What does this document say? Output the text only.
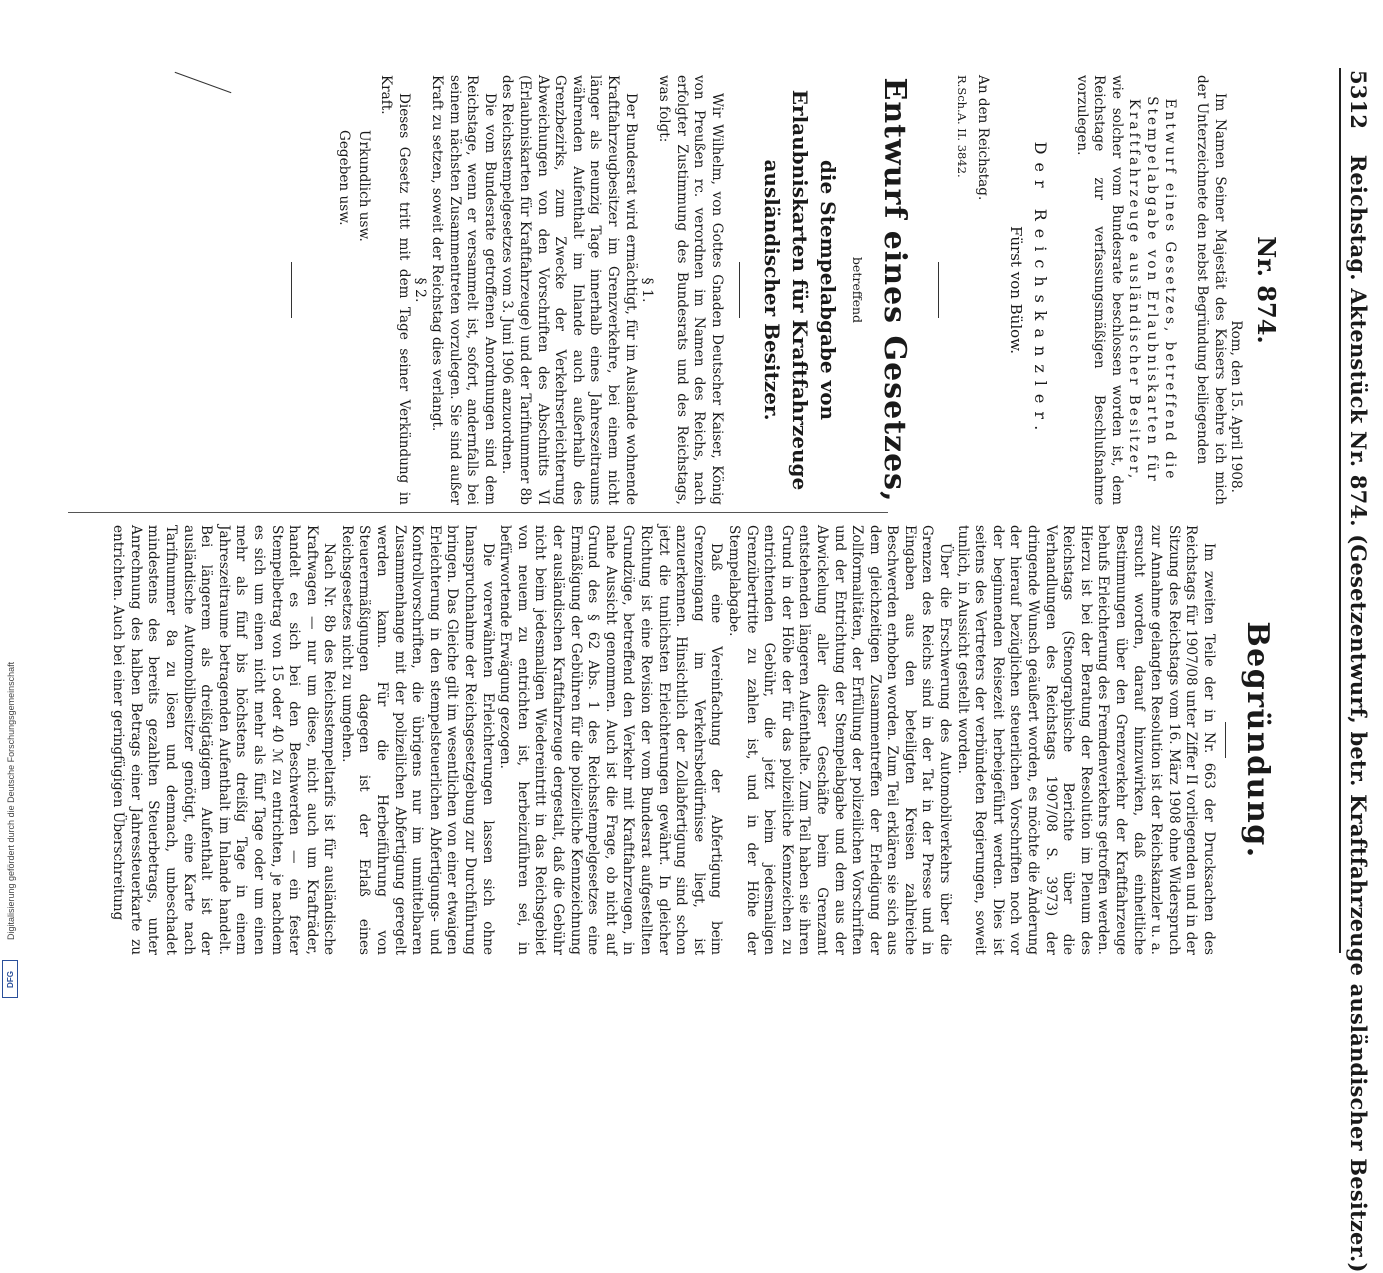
5312 Reichstag. Aktenstück Nr. 874. (Gesetzentwurf, betr. Kraftfahrzeuge ausländischer Besitzer.)
Nr. 874.
Rom, den 15. April 1908.

Im Namen Seiner Majestät des Kaisers beehre ich mich der Unterzeichnete den nebst Begründung beiliegenden

Entwurf eines Gesetzes, betreffend die Stempelabgabe von Erlaubniskarten für Kraftfahrzeuge ausländischer Besitzer,

wie solcher vom Bundesrate beschlossen worden ist, dem Reichstage zur verfassungsmäßigen Beschlußnahme vorzulegen.

Der Reichskanzler.
Fürst von Bülow.
An den Reichstag.
R.Sch.A. II. 3842.
Entwurf eines Gesetzes,
betreffend
die Stempelabgabe von Erlaubniskarten für Kraftfahrzeuge ausländischer Besitzer.

Wir Wilhelm, von Gottes Gnaden Deutscher Kaiser, König von Preußen rc. verordnen im Namen des Reichs, nach erfolgter Zustimmung des Bundesrats und des Reichstags, was folgt:

§ 1.

Der Bundesrat wird ermächtigt, für im Auslande wohnende Kraftfahrzeugbesitzer im Grenzverkehre, bei einem nicht länger als neunzig Tage innerhalb eines Jahreszeitraums währenden Aufenthalt im Inlande auch außerhalb des Grenzbezirks, zum Zwecke der Verkehrserleichterung Abweichungen von den Vorschriften des Abschnitts VI (Erlaubniskarten für Kraftfahrzeuge) und der Tarifnummer 8b des Reichsstempelgesetzes vom 3. Juni 1906 anzuordnen.

Die vom Bundesrate getroffenen Anordnungen sind dem Reichstage, wenn er versammelt ist, sofort, andernfalls bei seinem nächsten Zusammentreten vorzulegen. Sie sind außer Kraft zu setzen, soweit der Reichstag dies verlangt.

§ 2.

Dieses Gesetz tritt mit dem Tage seiner Verkündung in Kraft.

Urkundlich usw.
Gegeben usw.
Begründung.

Im zweiten Teile der in Nr. 663 der Drucksachen des Reichstags für 1907/08 unter Ziffer II vorliegenden und in der Sitzung des Reichstags vom 16. März 1908 ohne Widerspruch zur Annahme gelangten Resolution ist der Reichskanzler u. a. ersucht worden, darauf hinzuwirken, daß einheitliche Bestimmungen über den Grenzverkehr der Kraftfahrzeuge behufs Erleichterung des Fremdenverkehrs getroffen werden. Hierzu ist bei der Beratung der Resolution im Plenum des Reichstags (Stenographische Berichte über die Verhandlungen des Reichstags 1907/08 S. 3973) der dringende Wunsch geäußert worden, es möchte die Änderung der hierauf bezüglichen steuerlichen Vorschriften noch vor der beginnenden Reisezeit herbeigeführt werden. Dies ist seitens des Vertreters der verbündeten Regierungen, soweit tunlich, in Aussicht gestellt worden.

Über die Erschwerung des Automobilverkehrs über die Grenzen des Reichs sind in der Tat in der Presse und in Eingaben aus den beteiligten Kreisen zahlreiche Beschwerden erhoben worden. Zum Teil erklären sie sich aus dem gleichzeitigen Zusammentreffen der Erledigung der Zollformalitäten, der Erfüllung der polizeilichen Vorschriften und der Entrichtung der Stempelabgabe und dem aus der Abwickelung aller dieser Geschäfte beim Grenzamt entstehenden längeren Aufenthalte. Zum Teil haben sie ihren Grund in der Höhe der für das polizeiliche Kennzeichen zu entrichtenden Gebühr, die jetzt beim jedesmaligen Grenzübertritte zu zahlen ist, und in der Höhe der Stempelabgabe.

Daß eine Vereinfachung der Abfertigung beim Grenzeingang im Verkehrsbedürfnisse liegt, ist anzuerkennen. Hinsichtlich der Zollabfertigung sind schon jetzt die tunlichsten Erleichterungen gewährt. In gleicher Richtung ist eine Revision der vom Bundesrat aufgestellten Grundzüge, betreffend den Verkehr mit Kraftfahrzeugen, in nahe Aussicht genommen. Auch ist die Frage, ob nicht auf Grund des § 62 Abs. 1 des Reichsstempelgesetzes eine Ermäßigung der Gebühren für die polizeiliche Kennzeichnung der ausländischen Kraftfahrzeuge dergestalt, daß die Gebühr nicht beim jedesmaligen Wiedereintritt in das Reichsgebiet von neuem zu entrichten ist, herbeizuführen sei, in befürwortende Erwägung gezogen.

Die vorerwähnten Erleichterungen lassen sich ohne Inanspruchnahme der Reichsgesetzgebung zur Durchführung bringen. Das Gleiche gilt im wesentlichen von einer etwaigen Erleichterung in den stempelsteuerlichen Abfertigungs- und Kontrollvorschriften, die übrigens nur im unmittelbaren Zusammenhange mit der polizeilichen Abfertigung geregelt werden kann. Für die Herbeiführung von Steuerermäßigungen dagegen ist der Erlaß eines Reichsgesetzes nicht zu umgehen.

Nach Nr. 8b des Reichsstempeltarifs ist für ausländische Kraftwagen — nur um diese, nicht auch um Krafträder, handelt es sich bei den Beschwerden — ein fester Stempelbetrag von 15 oder 40 ℳ zu entrichten, je nachdem es sich um einen nicht mehr als fünf Tage oder um einen mehr als fünf bis höchstens dreißig Tage in einem Jahreszeitraume betragenden Aufenthalt im Inlande handelt. Bei längerem als dreißigtägigem Aufenthalt ist der ausländische Automobilbesitzer genötigt, eine Karte nach Tarifnummer 8a zu lösen und demnach, unbeschadet mindestens des bereits gezahlten Steuerbetrags, unter Anrechnung des halben Betrags einer Jahressteuerkarte zu entrichten. Auch bei einer geringfügigen Überschreitung

Digitalisierung gefördert durch die Deutsche Forschungsgemeinschaft
DFG
